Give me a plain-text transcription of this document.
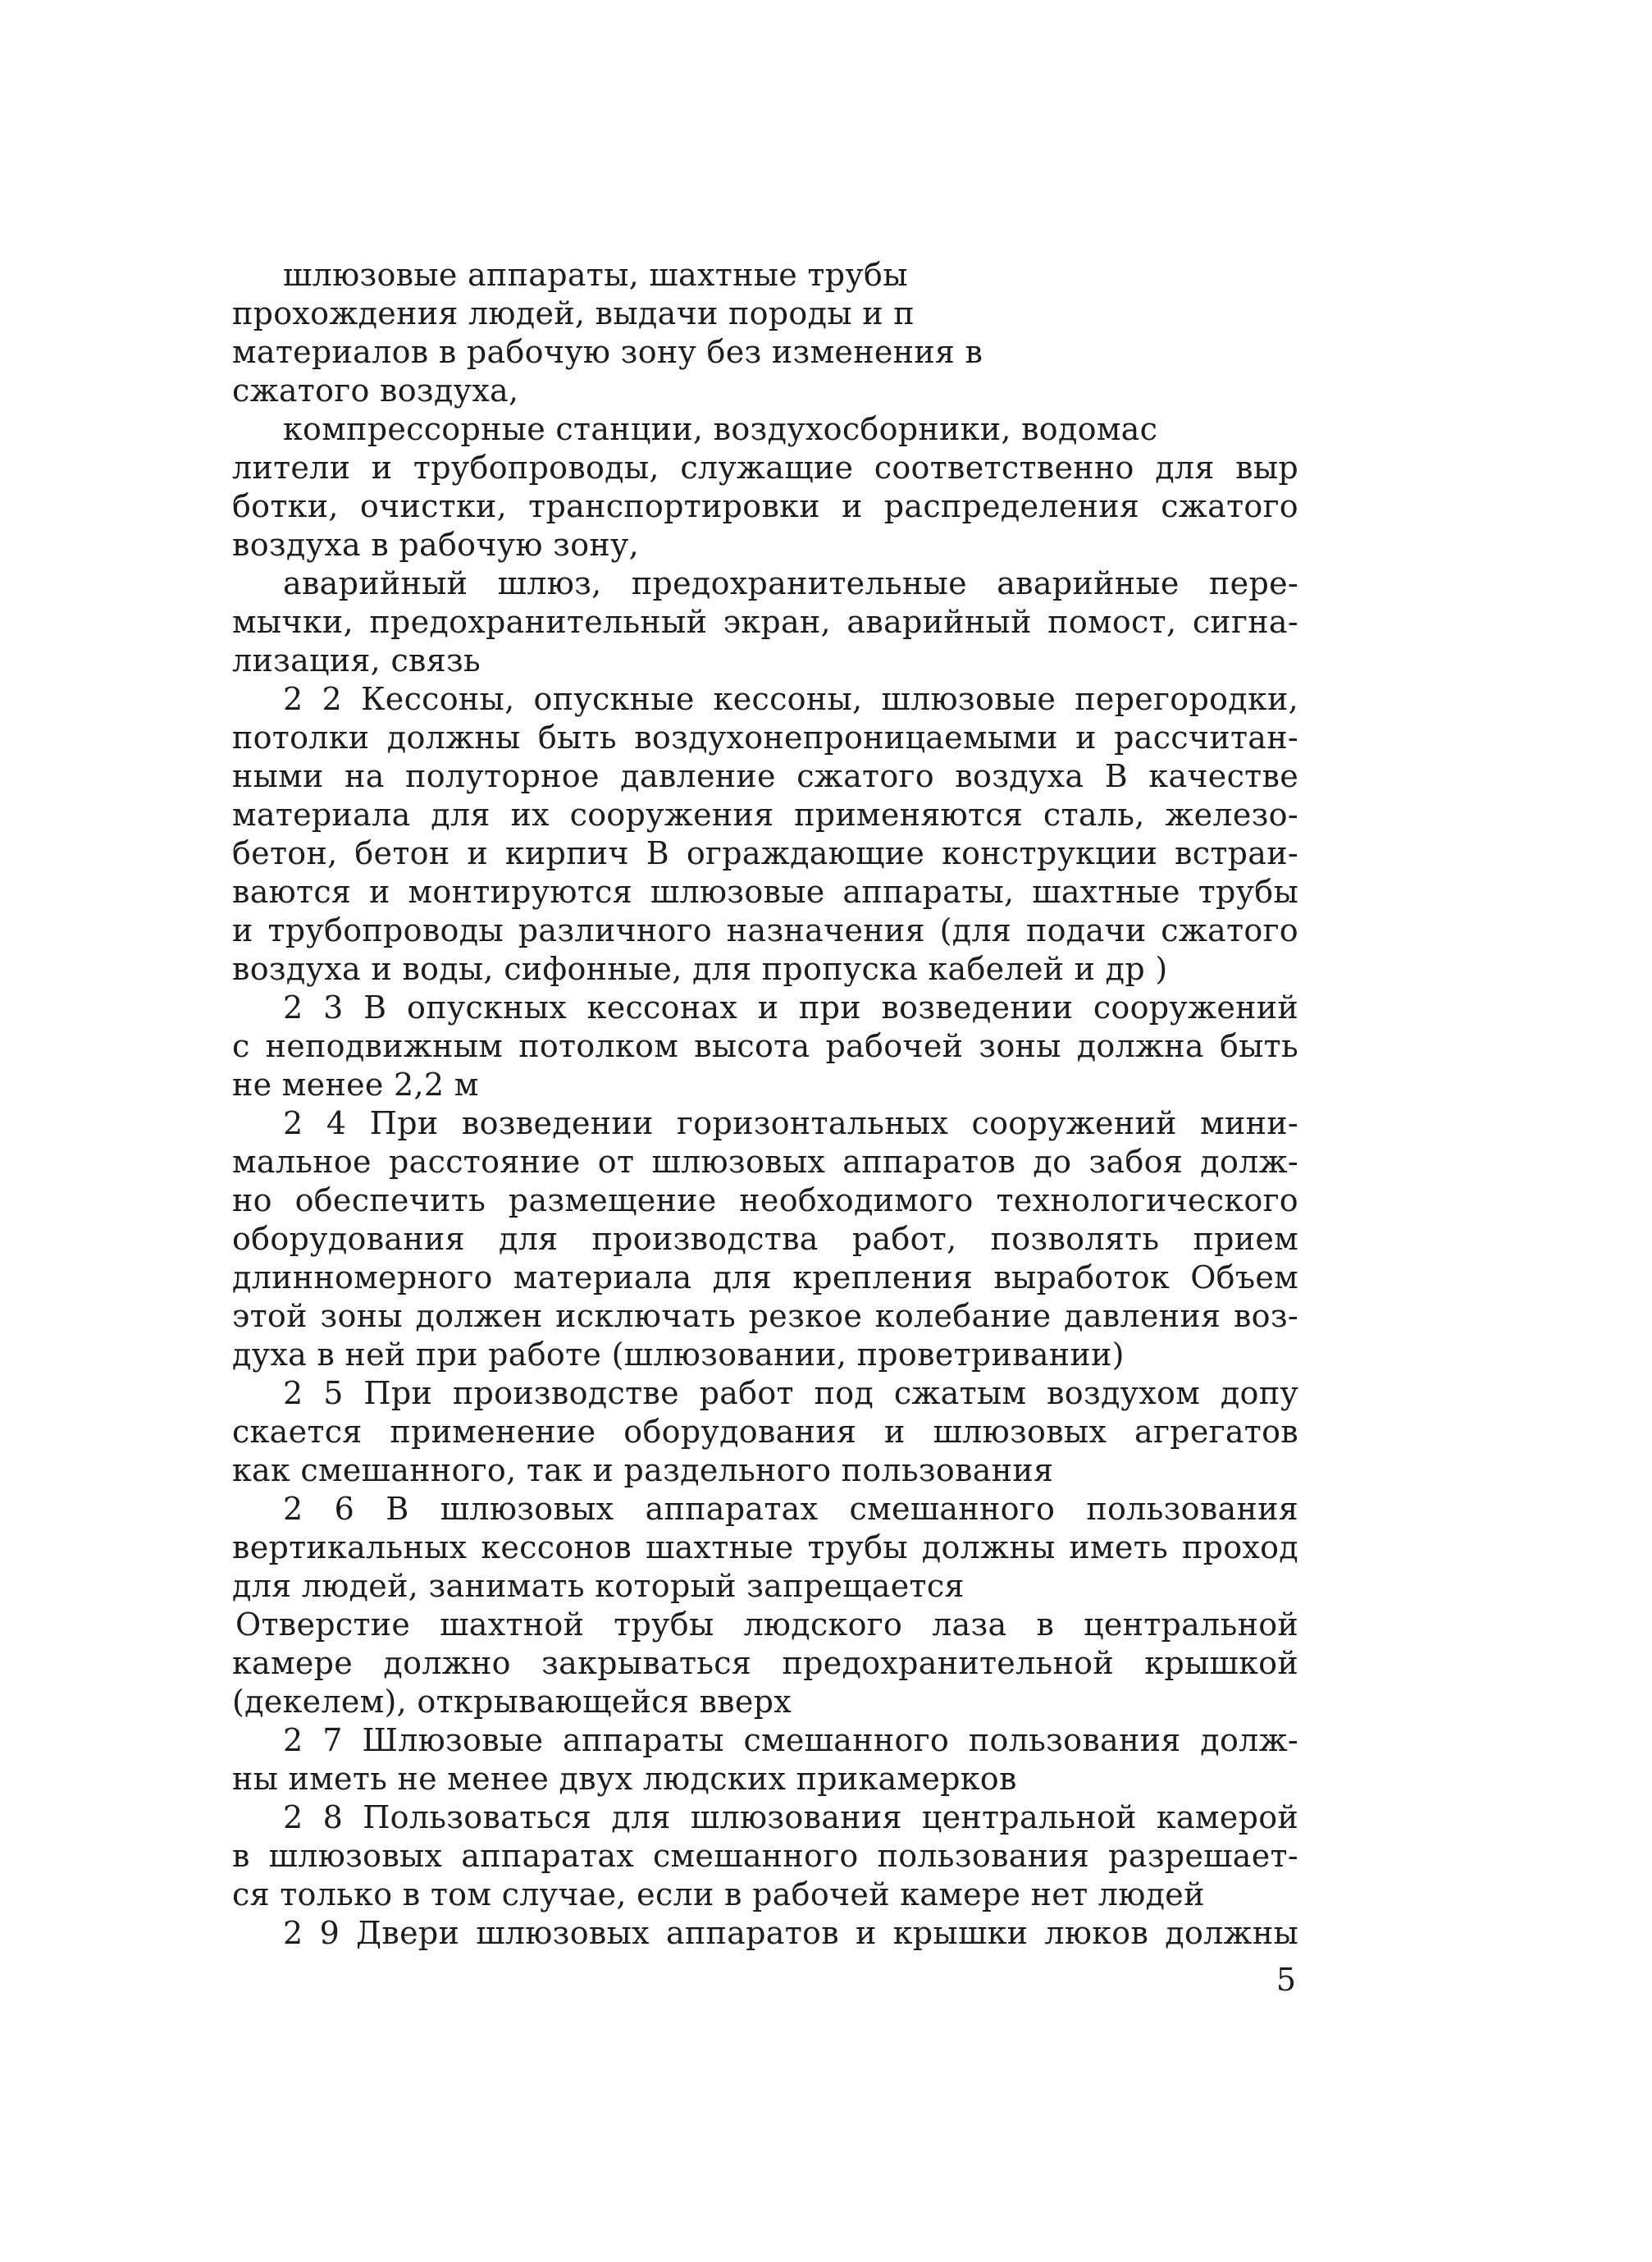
шлюзовые аппараты, шахтные трубы
прохождения людей, выдачи породы и п
материалов в рабочую зону без изменения в
сжатого воздуха,
компрессорные станции, воздухосборники, водомас
лители и трубопроводы, служащие соответственно для выр
ботки, очистки, транспортировки и распределения сжатого
воздуха в рабочую зону,
аварийный шлюз, предохранительные аварийные пере-
мычки, предохранительный экран, аварийный помост, сигна-
лизация, связь
2 2 Кессоны, опускные кессоны, шлюзовые перегородки,
потолки должны быть воздухонепроницаемыми и рассчитан-
ными на полуторное давление сжатого воздуха В качестве
материала для их сооружения применяются сталь, железо-
бетон, бетон и кирпич В ограждающие конструкции встраи-
ваются и монтируются шлюзовые аппараты, шахтные трубы
и трубопроводы различного назначения (для подачи сжатого
воздуха и воды, сифонные, для пропуска кабелей и др )
2 3 В опускных кессонах и при возведении сооружений
с неподвижным потолком высота рабочей зоны должна быть
не менее 2,2 м
2 4 При возведении горизонтальных сооружений мини-
мальное расстояние от шлюзовых аппаратов до забоя долж-
но обеспечить размещение необходимого технологического
оборудования для производства работ, позволять прием
длинномерного материала для крепления выработок Объем
этой зоны должен исключать резкое колебание давления воз-
духа в ней при работе (шлюзовании, проветривании)
2 5 При производстве работ под сжатым воздухом допу
скается применение оборудования и шлюзовых агрегатов
как смешанного, так и раздельного пользования
2 6 В шлюзовых аппаратах смешанного пользования
вертикальных кессонов шахтные трубы должны иметь проход
для людей, занимать который запрещается
Отверстие шахтной трубы людского лаза в центральной
камере должно закрываться предохранительной крышкой
(декелем), открывающейся вверх
2 7 Шлюзовые аппараты смешанного пользования долж-
ны иметь не менее двух людских прикамерков
2 8 Пользоваться для шлюзования центральной камерой
в шлюзовых аппаратах смешанного пользования разрешает-
ся только в том случае, если в рабочей камере нет людей
2 9 Двери шлюзовых аппаратов и крышки люков должны
5
